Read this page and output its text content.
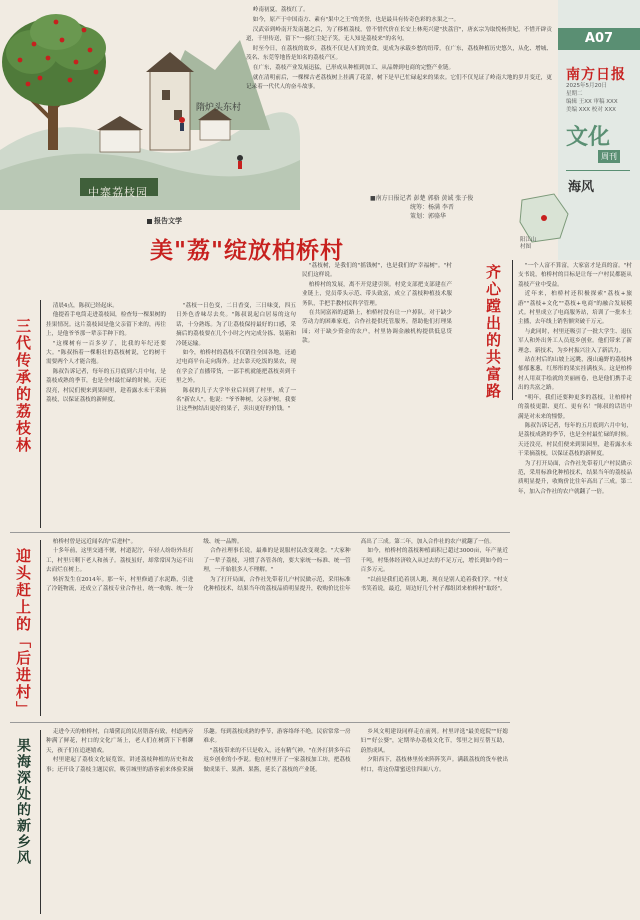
中寨荔枝园
隋炉头东村

岭南初夏，荔枝红了。

如今，原产于中国南方、素有"果中之王"的美誉，也是最具有传奇色彩的水果之一。

汉武帝到岭南开发南越之后，为了移植荔枝，曾不惜代价在长安上林苑兴建"扶荔宫"，唐玄宗为取悦杨贵妃，不惜开辟贡道，千里传送，留下"一骑红尘妃子笑，无人知是荔枝来"的名句。

时至今日，在荔枝的故乡，荔枝不仅是人们的美食，更成为承载乡愁的纽带，在广东，荔枝种植历史悠久，从化、增城、茂名、东莞等地皆是知名的荔枝产区。

在广东，荔枝产业发展迅猛，已形成从种植到加工、从品牌到电商的完整产业链。

就在清明前后，一棵棵古老荔枝树上挂满了花蕾，树下是早已忙碌起来的果农。它们不仅见证了岭南大地的岁月变迁，更记录着一代代人的奋斗故事。

■南方日报记者 彭楚 郭骆 黄诚 张子俊
统筹：杨满 李晋
策划：郭骆华
A07
南方日报
2025年5月20日
星期二
编辑 王XX 审稿 XXX
美编 XXX 校对 XXX
文化
周刊
海风
阳江山
村图
报告文学
美"荔"绽放柏桥村
三代传承的荔枝林

清晨4点，陈叔已经起床。

他提着手电筒走进荔枝园，检查每一棵果树的挂果情况。这片荔枝园是他父亲留下来的，再往上，是他爷爷那一辈亲手种下的。

"这棵树有一百多岁了，比我的年纪还要大。"陈叔指着一棵粗壮的荔枝树说，它的树干需要两个人才能合抱。

陈叔告诉记者，每年的五月底到六月中旬，是荔枝成熟的季节，也是全村最忙碌的时候。天还没亮，村民们便来到果园里，趁着露水未干采摘荔枝，以保证荔枝的新鲜度。

"荔枝一日色变，二日香变，三日味变，四五日外色香味尽去矣。"陈叔说起白居易的这句话，十分熟练。为了让荔枝保持最好的口感，采摘后的荔枝要在几个小时之内完成分拣、装箱和冷链运输。

如今，柏桥村的荔枝不仅销往全国各地，还通过电商平台走向海外。过去靠天吃饭的果农，现在学会了直播带货，一部手机就能把荔枝卖到千里之外。

陈叔的儿子大学毕业后回到了村里，成了一名"新农人"。他说："爷爷种树，父亲护树，我要让这些树结出更好的果子，卖出更好的价钱。"

"荔枝树，是我们的"摇钱树"，也是我们的"幸福树"。"村民们这样说。

柏桥村的发展，离不开党建引领。村党支部把支部建在产业链上，党员带头示范、带头致富，成立了荔枝种植技术服务队，手把手教村民科学管理。

在共同富裕的道路上，柏桥村没有让一户掉队。对于缺少劳动力的困难家庭，合作社提供托管服务，帮助他们打理果园；对于缺少资金的农户，村里协调金融机构提供低息贷款。	齐心蹚出的共富路	"一个人富不算富，大家富才是真的富。"村支书说，柏桥村的目标是让每一户村民都能从荔枝产业中受益。

近年来，柏桥村还积极探索"荔枝+旅游""荔枝+文化""荔枝+电商"的融合发展模式。村里成立了电商服务站，培训了一批本土主播，去年线上销售额突破千万元。

与此同时，村里还吸引了一批大学生、退伍军人和外出务工人员返乡创业。他们带来了新理念、新技术，为乡村振兴注入了新活力。

站在村后的山坡上远眺，漫山遍野的荔枝林郁郁葱葱，红彤彤的果实挂满枝头。这是柏桥村人用双手绘就的美丽画卷，也是他们携手走出的共富之路。

"明年，我们还要种更多的荔枝，让柏桥村的荔枝更甜、更红、更有名！"陈叔的话语中满是对未来的憧憬。

陈叔告诉记者，每年的五月底到六月中旬，是荔枝成熟的季节，也是全村最忙碌的时候。天还没亮，村民们便来到果园里，趁着露水未干采摘荔枝，以保证荔枝的新鲜度。

为了打开局面，合作社先带着几户村民做示范，采用标准化种植技术，结果当年的荔枝品质明显提升，收购价比往年高出了三成。第二年，加入合作社的农户就翻了一倍。

迎头赶上的「后进村」

柏桥村曾是远近闻名的"后进村"。

十多年前，这里交通不便，村道泥泞，年轻人纷纷外出打工，村里只剩下老人和孩子。荔枝虽好，却常常因为运不出去而烂在树上。

转折发生在2014年。那一年，村里修通了水泥路，引进了冷链物流，还成立了荔枝专业合作社，统一收购、统一分级、统一品牌。

合作社理事长说，最难的是说服村民改变观念。"大家种了一辈子荔枝，习惯了各管各的，要大家统一标准、统一管理，一开始很多人不理解。"

为了打开局面，合作社先带着几户村民做示范，采用标准化种植技术，结果当年的荔枝品质明显提升，收购价比往年高出了三成。第二年，加入合作社的农户就翻了一倍。

如今，柏桥村的荔枝种植面积已超过3000亩，年产量近千吨，村集体经济收入从过去的不足万元，增长到如今的一百多万元。

"以前是我们追着别人跑，现在是别人追着我们学。"村支书笑着说，最近，周边好几个村子都组团来柏桥村"取经"。

果海深处的新乡风

走进今天的柏桥村，白墙黛瓦的民居错落有致，村道两旁种满了鲜花，村口的文化广场上，老人们在树荫下下棋聊天，孩子们在追逐嬉戏。

村里建起了荔枝文化展览馆，讲述荔枝种植的历史和故事；还开设了荔枝主题民宿，吸引城里的游客前来体验采摘乐趣。每到荔枝成熟的季节，游客络绎不绝，民宿常常一房难求。

"荔枝带来的不只是收入，还有精气神。"在外打拼多年后返乡创业的小李说。他在村里开了一家荔枝加工坊，把荔枝做成果干、果酒、果酱，延长了荔枝的产业链。

乡风文明建设同样走在前列。村里评选"最美庭院""好媳妇""好公婆"，定期举办荔枝文化节，邻里之间互帮互助，蔚然成风。

夕阳西下，荔枝林里传来阵阵笑声。满载荔枝的货车驶出村口，将这份甜蜜送往四面八方。
